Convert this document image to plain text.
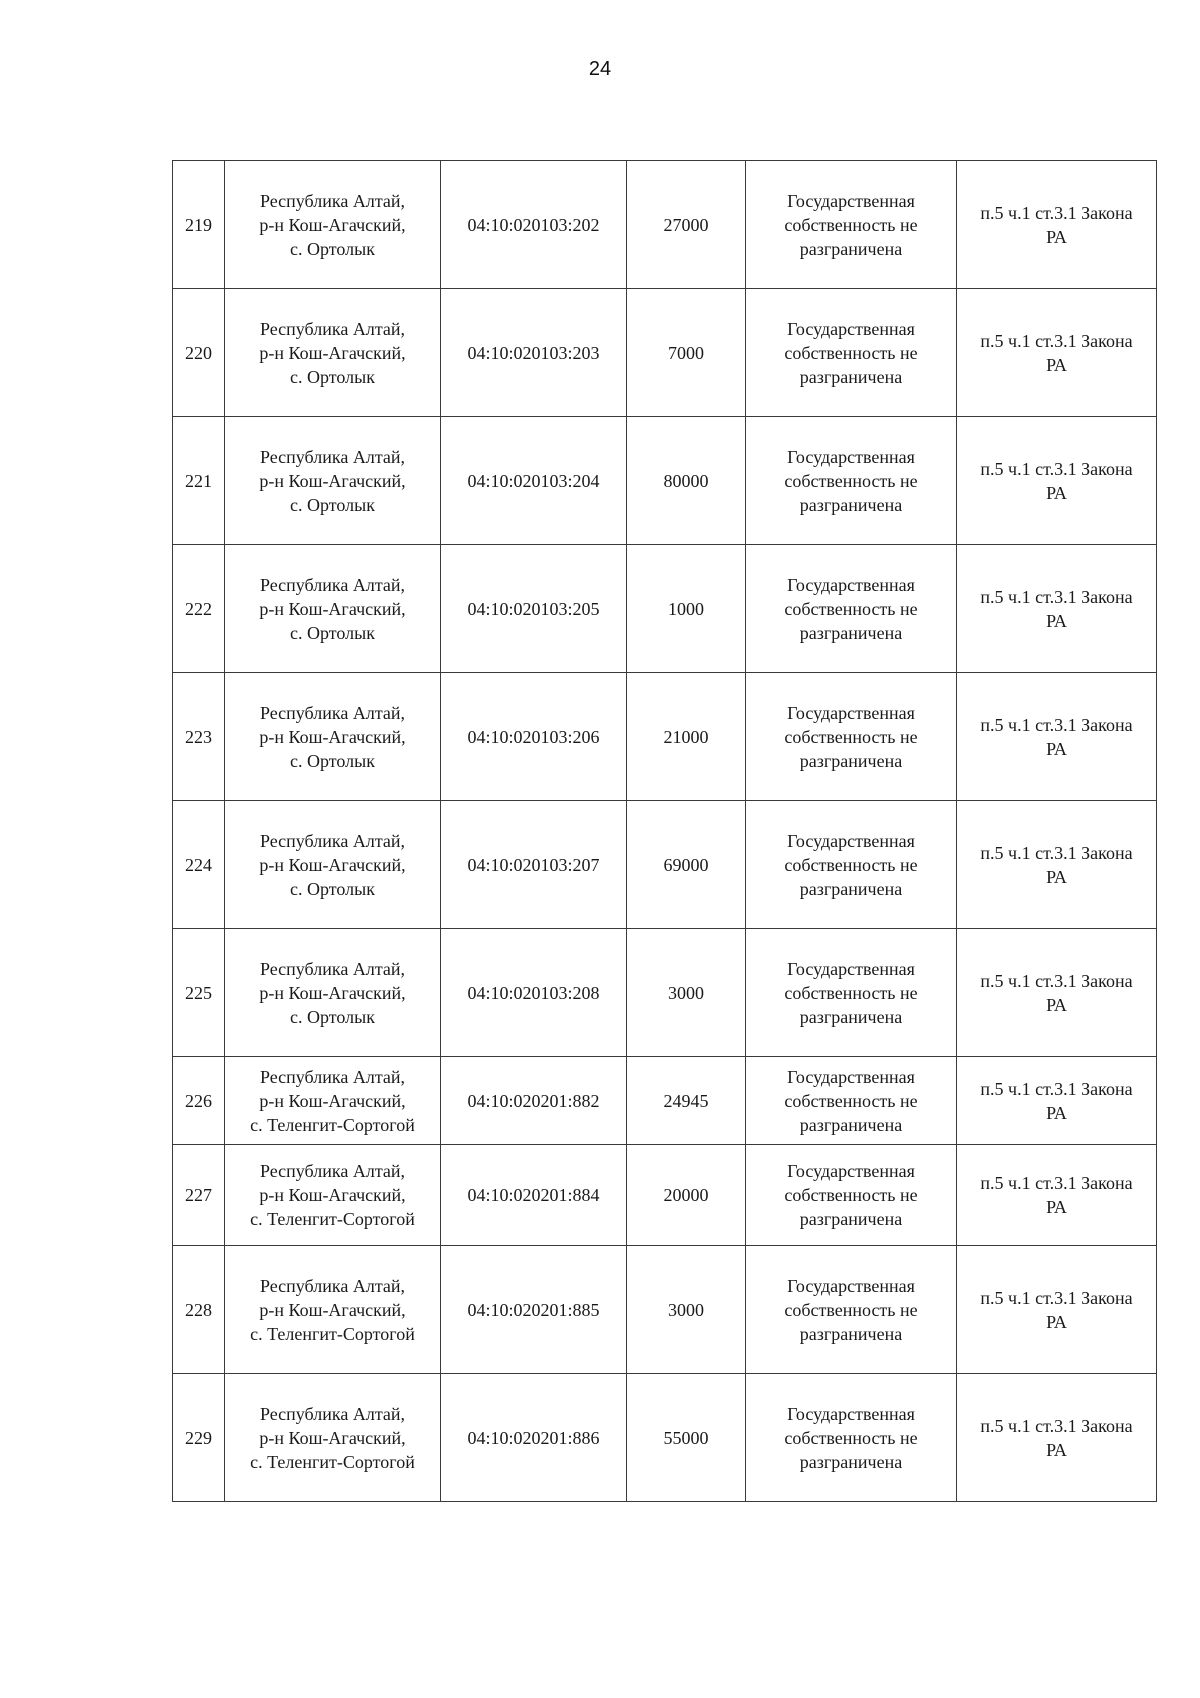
24
219	Республика Алтай,
р-н Кош-Агачский,
с. Ортолык	04:10:020103:202	27000	Государственная
собственность не
разграничена	п.5 ч.1 ст.3.1 Закона
РА

220	Республика Алтай,
р-н Кош-Агачский,
с. Ортолык	04:10:020103:203	7000	Государственная
собственность не
разграничена	п.5 ч.1 ст.3.1 Закона
РА

221	Республика Алтай,
р-н Кош-Агачский,
с. Ортолык	04:10:020103:204	80000	Государственная
собственность не
разграничена	п.5 ч.1 ст.3.1 Закона
РА

222	Республика Алтай,
р-н Кош-Агачский,
с. Ортолык	04:10:020103:205	1000	Государственная
собственность не
разграничена	п.5 ч.1 ст.3.1 Закона
РА

223	Республика Алтай,
р-н Кош-Агачский,
с. Ортолык	04:10:020103:206	21000	Государственная
собственность не
разграничена	п.5 ч.1 ст.3.1 Закона
РА

224	Республика Алтай,
р-н Кош-Агачский,
с. Ортолык	04:10:020103:207	69000	Государственная
собственность не
разграничена	п.5 ч.1 ст.3.1 Закона
РА

225	Республика Алтай,
р-н Кош-Агачский,
с. Ортолык	04:10:020103:208	3000	Государственная
собственность не
разграничена	п.5 ч.1 ст.3.1 Закона
РА

226	Республика Алтай,
р-н Кош-Агачский,
с. Теленгит-Сортогой	04:10:020201:882	24945	Государственная
собственность не
разграничена	п.5 ч.1 ст.3.1 Закона
РА

227	Республика Алтай,
р-н Кош-Агачский,
с. Теленгит-Сортогой	04:10:020201:884	20000	Государственная
собственность не
разграничена	п.5 ч.1 ст.3.1 Закона
РА

228	Республика Алтай,
р-н Кош-Агачский,
с. Теленгит-Сортогой	04:10:020201:885	3000	Государственная
собственность не
разграничена	п.5 ч.1 ст.3.1 Закона
РА

229	Республика Алтай,
р-н Кош-Агачский,
с. Теленгит-Сортогой	04:10:020201:886	55000	Государственная
собственность не
разграничена	п.5 ч.1 ст.3.1 Закона
РА
